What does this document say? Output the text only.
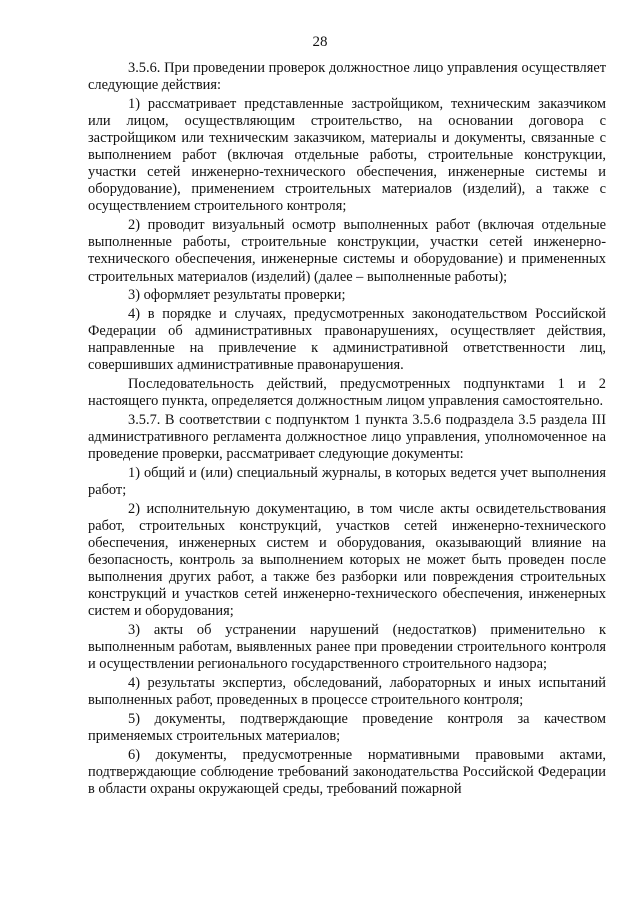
28

3.5.6. При проведении проверок должностное лицо управления осуществляет следующие действия:

1) рассматривает представленные застройщиком, техническим заказчиком или лицом, осуществляющим строительство, на основании договора с застройщиком или техническим заказчиком, материалы и документы, связанные с выполнением работ (включая отдельные работы, строительные конструкции, участки сетей инженерно-технического обеспечения, инженерные системы и оборудование), применением строительных материалов (изделий), а также с осуществлением строительного контроля;

2) проводит визуальный осмотр выполненных работ (включая отдельные выполненные работы, строительные конструкции, участки сетей инженерно-технического обеспечения, инженерные системы и оборудование) и примененных строительных материалов (изделий) (далее – выполненные работы);

3) оформляет результаты проверки;

4) в порядке и случаях, предусмотренных законодательством Российской Федерации об административных правонарушениях, осуществляет действия, направленные на привлечение к административной ответственности лиц, совершивших административные правонарушения.

Последовательность действий, предусмотренных подпунктами 1 и 2 настоящего пункта, определяется должностным лицом управления самостоятельно.

3.5.7. В соответствии с подпунктом 1 пункта 3.5.6 подраздела 3.5 раздела III административного регламента должностное лицо управления, уполномоченное на проведение проверки, рассматривает следующие документы:

1) общий и (или) специальный журналы, в которых ведется учет выполнения работ;

2) исполнительную документацию, в том числе акты освидетельствования работ, строительных конструкций, участков сетей инженерно-технического обеспечения, инженерных систем и оборудования, оказывающий влияние на безопасность, контроль за выполнением которых не может быть проведен после выполнения других работ, а также без разборки или повреждения строительных конструкций и участков сетей инженерно-технического обеспечения, инженерных систем и оборудования;

3) акты об устранении нарушений (недостатков) применительно к выполненным работам, выявленных ранее при проведении строительного контроля и осуществлении регионального государственного строительного надзора;

4) результаты экспертиз, обследований, лабораторных и иных испытаний выполненных работ, проведенных в процессе строительного контроля;

5) документы, подтверждающие проведение контроля за качеством применяемых строительных материалов;

6) документы, предусмотренные нормативными правовыми актами, подтверждающие соблюдение требований законодательства Российской Федерации в области охраны окружающей среды, требований пожарной
